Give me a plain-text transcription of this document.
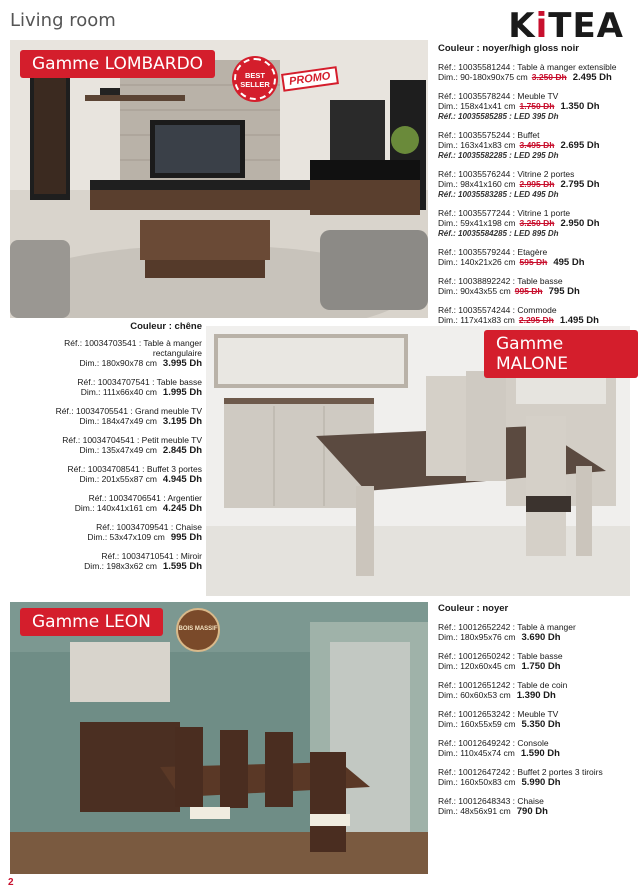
Living room	KiTEA
Gamme LOMBARDO
BEST SELLER	PROMO
Couleur : noyer/high gloss noir
Réf.: 10035581244 : Table à manger extensible
Dim.: 90-180x90x75 cm 3.250 Dh 2.495 Dh
Réf.: 10035578244 : Meuble TV
Dim.: 158x41x41 cm 1.750 Dh 1.350 Dh
Réf.: 10035585285 : LED 395 Dh
Réf.: 10035575244 : Buffet
Dim.: 163x41x83 cm 3.495 Dh 2.695 Dh
Réf.: 10035582285 : LED 295 Dh
Réf.: 10035576244 : Vitrine 2 portes
Dim.: 98x41x160 cm 2.995 Dh 2.795 Dh
Réf.: 10035583285 : LED 495 Dh
Réf.: 10035577244 : Vitrine 1 porte
Dim.: 59x41x198 cm 3.250 Dh 2.950 Dh
Réf.: 10035584285 : LED 895 Dh
Réf.: 10035579244 : Etagère
Dim.: 140x21x26 cm 595 Dh 495 Dh
Réf.: 10038892242 : Table basse
Dim.: 90x43x55 cm 995 Dh 795 Dh
Réf.: 10035574244 : Commode
Dim.: 117x41x83 cm 2.295 Dh 1.495 Dh
Gamme MALONE
Couleur : chêne
Réf.: 10034703541 : Table à manger rectangulaire
Dim.: 180x90x78 cm 3.995 Dh
Réf.: 10034707541 : Table basse
Dim.: 111x66x40 cm 1.995 Dh
Réf.: 10034705541 : Grand meuble TV
Dim.: 184x47x49 cm 3.195 Dh
Réf.: 10034704541 : Petit meuble TV
Dim.: 135x47x49 cm 2.845 Dh
Réf.: 10034708541 : Buffet 3 portes
Dim.: 201x55x87 cm 4.945 Dh
Réf.: 10034706541 : Argentier
Dim.: 140x41x161 cm 4.245 Dh
Réf.: 10034709541 : Chaise
Dim.: 53x47x109 cm 995 Dh
Réf.: 10034710541 : Miroir
Dim.: 198x3x62 cm 1.595 Dh
Gamme LEON	BOIS MASSIF
Couleur : noyer
Réf.: 10012652242 : Table à manger
Dim.: 180x95x76 cm 3.690 Dh
Réf.: 10012650242 : Table basse
Dim.: 120x60x45 cm 1.750 Dh
Réf.: 10012651242 : Table de coin
Dim.: 60x60x53 cm 1.390 Dh
Réf.: 10012653242 : Meuble TV
Dim.: 160x55x59 cm 5.350 Dh
Réf.: 10012649242 : Console
Dim.: 110x45x74 cm 1.590 Dh
Réf.: 10012647242 : Buffet 2 portes 3 tiroirs
Dim.: 160x50x83 cm 5.990 Dh
Réf.: 10012648343 : Chaise
Dim.: 48x56x91 cm 790 Dh
2
